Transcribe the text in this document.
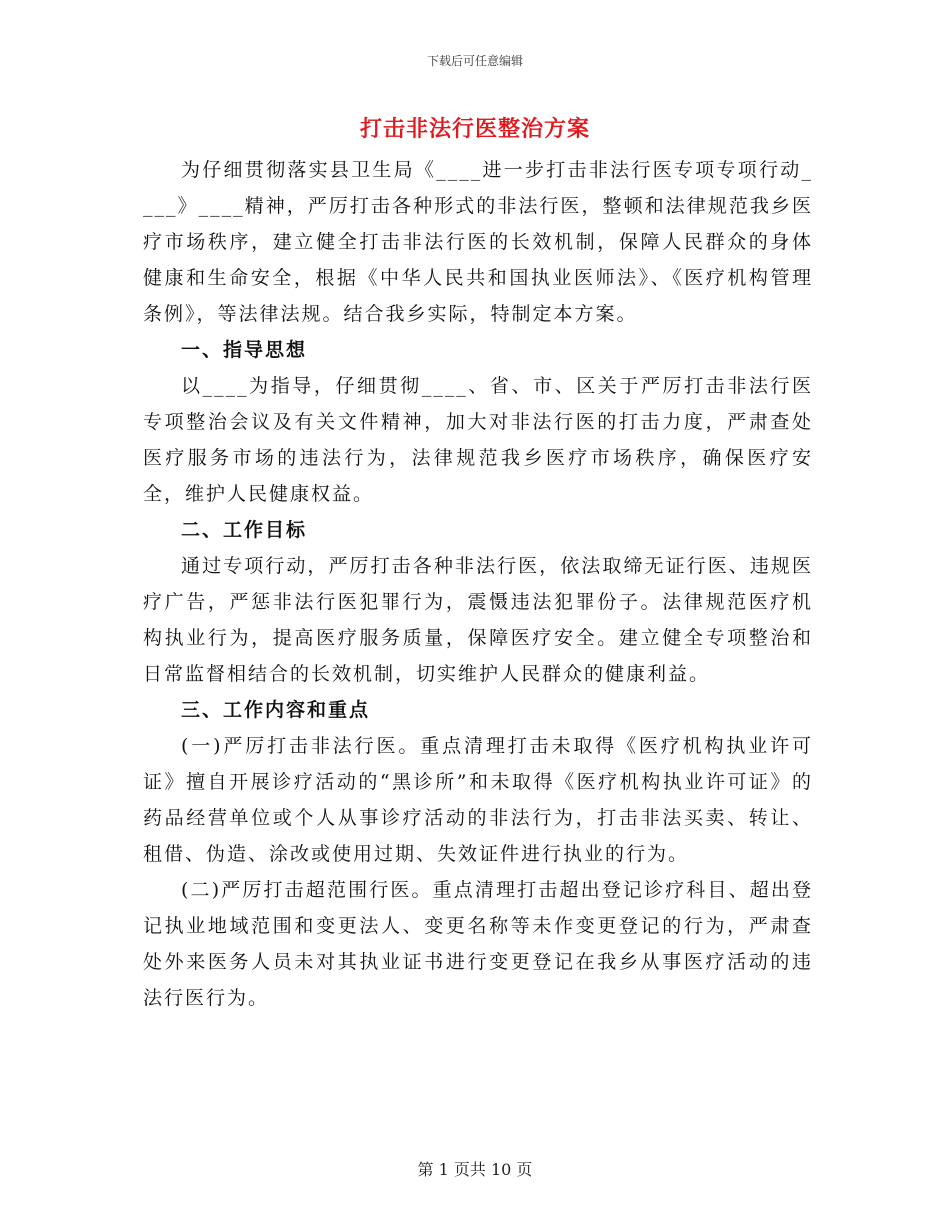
下载后可任意编辑
打击非法行医整治方案

为仔细贯彻落实县卫生局《____进一步打击非法行医专项专项行动____》____精神，严厉打击各种形式的非法行医，整顿和法律规范我乡医疗市场秩序，建立健全打击非法行医的长效机制，保障人民群众的身体健康和生命安全，根据《中华人民共和国执业医师法》、《医疗机构管理条例》，等法律法规。结合我乡实际，特制定本方案。

一、指导思想

以____为指导，仔细贯彻____、省、市、区关于严厉打击非法行医专项整治会议及有关文件精神，加大对非法行医的打击力度，严肃查处医疗服务市场的违法行为，法律规范我乡医疗市场秩序，确保医疗安全，维护人民健康权益。

二、工作目标

通过专项行动，严厉打击各种非法行医，依法取缔无证行医、违规医疗广告，严惩非法行医犯罪行为，震慑违法犯罪份子。法律规范医疗机构执业行为，提高医疗服务质量，保障医疗安全。建立健全专项整治和日常监督相结合的长效机制，切实维护人民群众的健康利益。

三、工作内容和重点

(一)严厉打击非法行医。重点清理打击未取得《医疗机构执业许可证》擅自开展诊疗活动的“黑诊所”和未取得《医疗机构执业许可证》的药品经营单位或个人从事诊疗活动的非法行为，打击非法买卖、转让、租借、伪造、涂改或使用过期、失效证件进行执业的行为。

(二)严厉打击超范围行医。重点清理打击超出登记诊疗科目、超出登记执业地域范围和变更法人、变更名称等未作变更登记的行为，严肃查处外来医务人员未对其执业证书进行变更登记在我乡从事医疗活动的违法行医行为。

第 1 页共 10 页
